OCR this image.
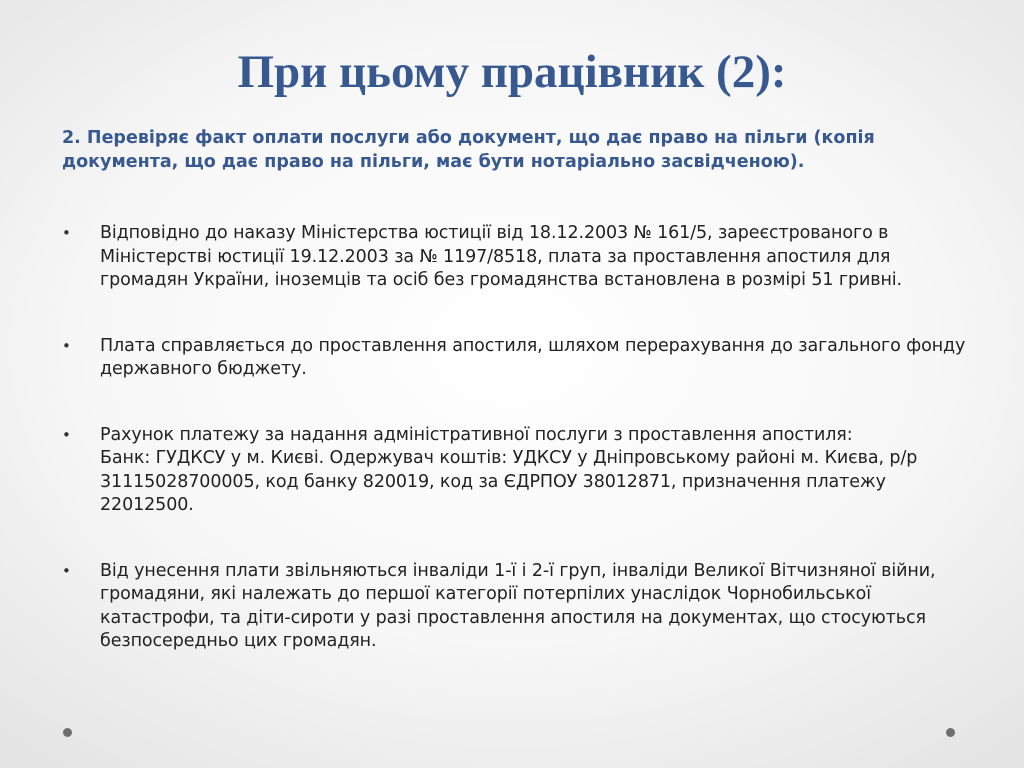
При цьому працівник (2):

2. Перевіряє факт оплати послуги або документ, що дає право на пільги (копія документа, що дає право на пільги, має бути нотаріально засвідченою).

•	Відповідно до наказу Міністерства юстиції від 18.12.2003 № 161/5, зареєстрованого в Міністерстві юстиції 19.12.2003 за № 1197/8518, плата за проставлення апостиля для громадян України, іноземців та осіб без громадянства встановлена в розмірі 51 гривні.
•	Плата справляється до проставлення апостиля, шляхом перерахування до загального фонду державного бюджету.
•	Рахунок платежу за надання адміністративної послуги з проставлення апостиля:
Банк: ГУДКСУ у м. Києві. Одержувач коштів: УДКСУ у Дніпровському районі м. Києва, р/р 31115028700005, код банку 820019, код за ЄДРПОУ 38012871, призначення платежу 22012500.
•	Від унесення плати звільняються інваліди 1-ї і 2-ї груп, інваліди Великої Вітчизняної війни, громадяни, які належать до першої категорії потерпілих унаслідок Чорнобильської катастрофи, та діти-сироти у разі проставлення апостиля на документах, що стосуються безпосередньо цих громадян.
